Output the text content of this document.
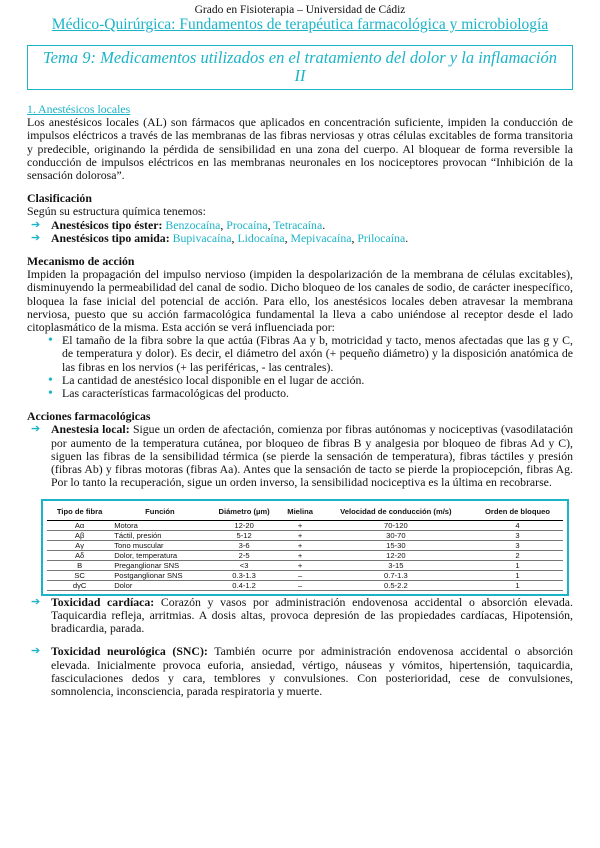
Grado en Fisioterapia – Universidad de Cádiz
Médico-Quirúrgica: Fundamentos de terapéutica farmacológica y microbiología
Tema 9: Medicamentos utilizados en el tratamiento del dolor y la inflamación II
1. Anestésicos locales

Los anestésicos locales (AL) son fármacos que aplicados en concentración suficiente, impiden la conducción de impulsos eléctricos a través de las membranas de las fibras nerviosas y otras células excitables de forma transitoria y predecible, originando la pérdida de sensibilidad en una zona del cuerpo. Al bloquear de forma reversible la conducción de impulsos eléctricos en las membranas neuronales en los nociceptores provocan “Inhibición de la sensación dolorosa”.

Clasificación

Según su estructura química tenemos:

➔ Anestésicos tipo éster: Benzocaína, Procaína, Tetracaína.
➔ Anestésicos tipo amida: Bupivacaína, Lidocaína, Mepivacaína, Prilocaína.
Mecanismo de acción

Impiden la propagación del impulso nervioso (impiden la despolarización de la membrana de células excitables), disminuyendo la permeabilidad del canal de sodio. Dicho bloqueo de los canales de sodio, de carácter inespecífico, bloquea la fase inicial del potencial de acción. Para ello, los anestésicos locales deben atravesar la membrana nerviosa, puesto que su acción farmacológica fundamental la lleva a cabo uniéndose al receptor desde el lado citoplasmático de la misma. Esta acción se verá influenciada por:

• El tamaño de la fibra sobre la que actúa (Fibras Aa y b, motricidad y tacto, menos afectadas que las g y C, de temperatura y dolor). Es decir, el diámetro del axón (+ pequeño diámetro) y la disposición anatómica de las fibras en los nervios (+ las periféricas, - las centrales).
• La cantidad de anestésico local disponible en el lugar de acción.
• Las características farmacológicas del producto.
Acciones farmacológicas
➔ Anestesia local: Sigue un orden de afectación, comienza por fibras autónomas y nociceptivas (vasodilatación por aumento de la temperatura cutánea, por bloqueo de fibras B y analgesia por bloqueo de fibras Ad y C), siguen las fibras de la sensibilidad térmica (se pierde la sensación de temperatura), fibras táctiles y presión (fibras Ab) y fibras motoras (fibras Aa). Antes que la sensación de tacto se pierde la propiocepción, fibras Ag. Por lo tanto la recuperación, sigue un orden inverso, la sensibilidad nociceptiva es la última en recobrarse.
Tipo de fibra	Función	Diámetro (µm)	Mielina	Velocidad de conducción (m/s)	Orden de bloqueo
Aα	Motora	12-20	+	70-120	4
Aβ	Táctil, presión	5-12	+	30-70	3
Aγ	Tono muscular	3-6	+	15-30	3
Aδ	Dolor, temperatura	2-5	+	12-20	2
B	Preganglionar SNS	<3	+	3-15	1
SC	Postganglionar SNS	0.3-1.3	–	0.7-1.3	1
dγC	Dolor	0.4-1.2	–	0.5-2.2	1
➔ Toxicidad cardíaca: Corazón y vasos por administración endovenosa accidental o absorción elevada. Taquicardia refleja, arritmias. A dosis altas, provoca depresión de las propiedades cardíacas, Hipotensión, bradicardia, parada.
➔ Toxicidad neurológica (SNC): También ocurre por administración endovenosa accidental o absorción elevada. Inicialmente provoca euforia, ansiedad, vértigo, náuseas y vómitos, hipertensión, taquicardia, fasciculaciones dedos y cara, temblores y convulsiones. Con posterioridad, cese de convulsiones, somnolencia, inconsciencia, parada respiratoria y muerte.
